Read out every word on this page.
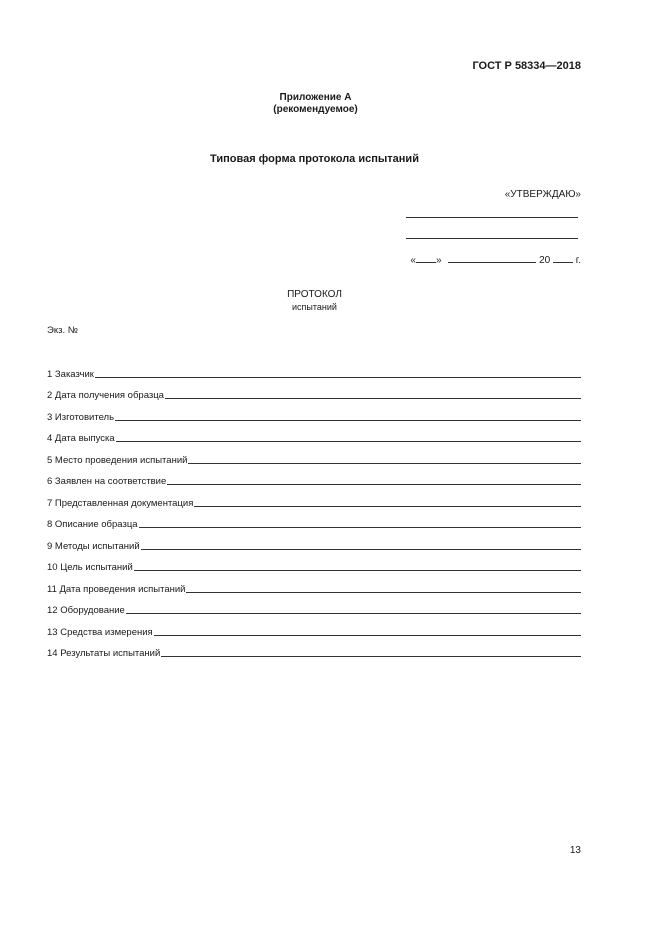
ГОСТ Р 58334—2018
Приложение А
(рекомендуемое)
Типовая форма протокола испытаний
«УТВЕРЖДАЮ»
« »	20	г.
ПРОТОКОЛ
испытаний
Экз. №
1 Заказчик
2 Дата получения образца
3 Изготовитель
4 Дата выпуска
5 Место проведения испытаний
6 Заявлен на соответствие
7 Представленная документация
8 Описание образца
9 Методы испытаний
10 Цель испытаний
11 Дата проведения испытаний
12 Оборудование
13 Средства измерения
14 Результаты испытаний
13
